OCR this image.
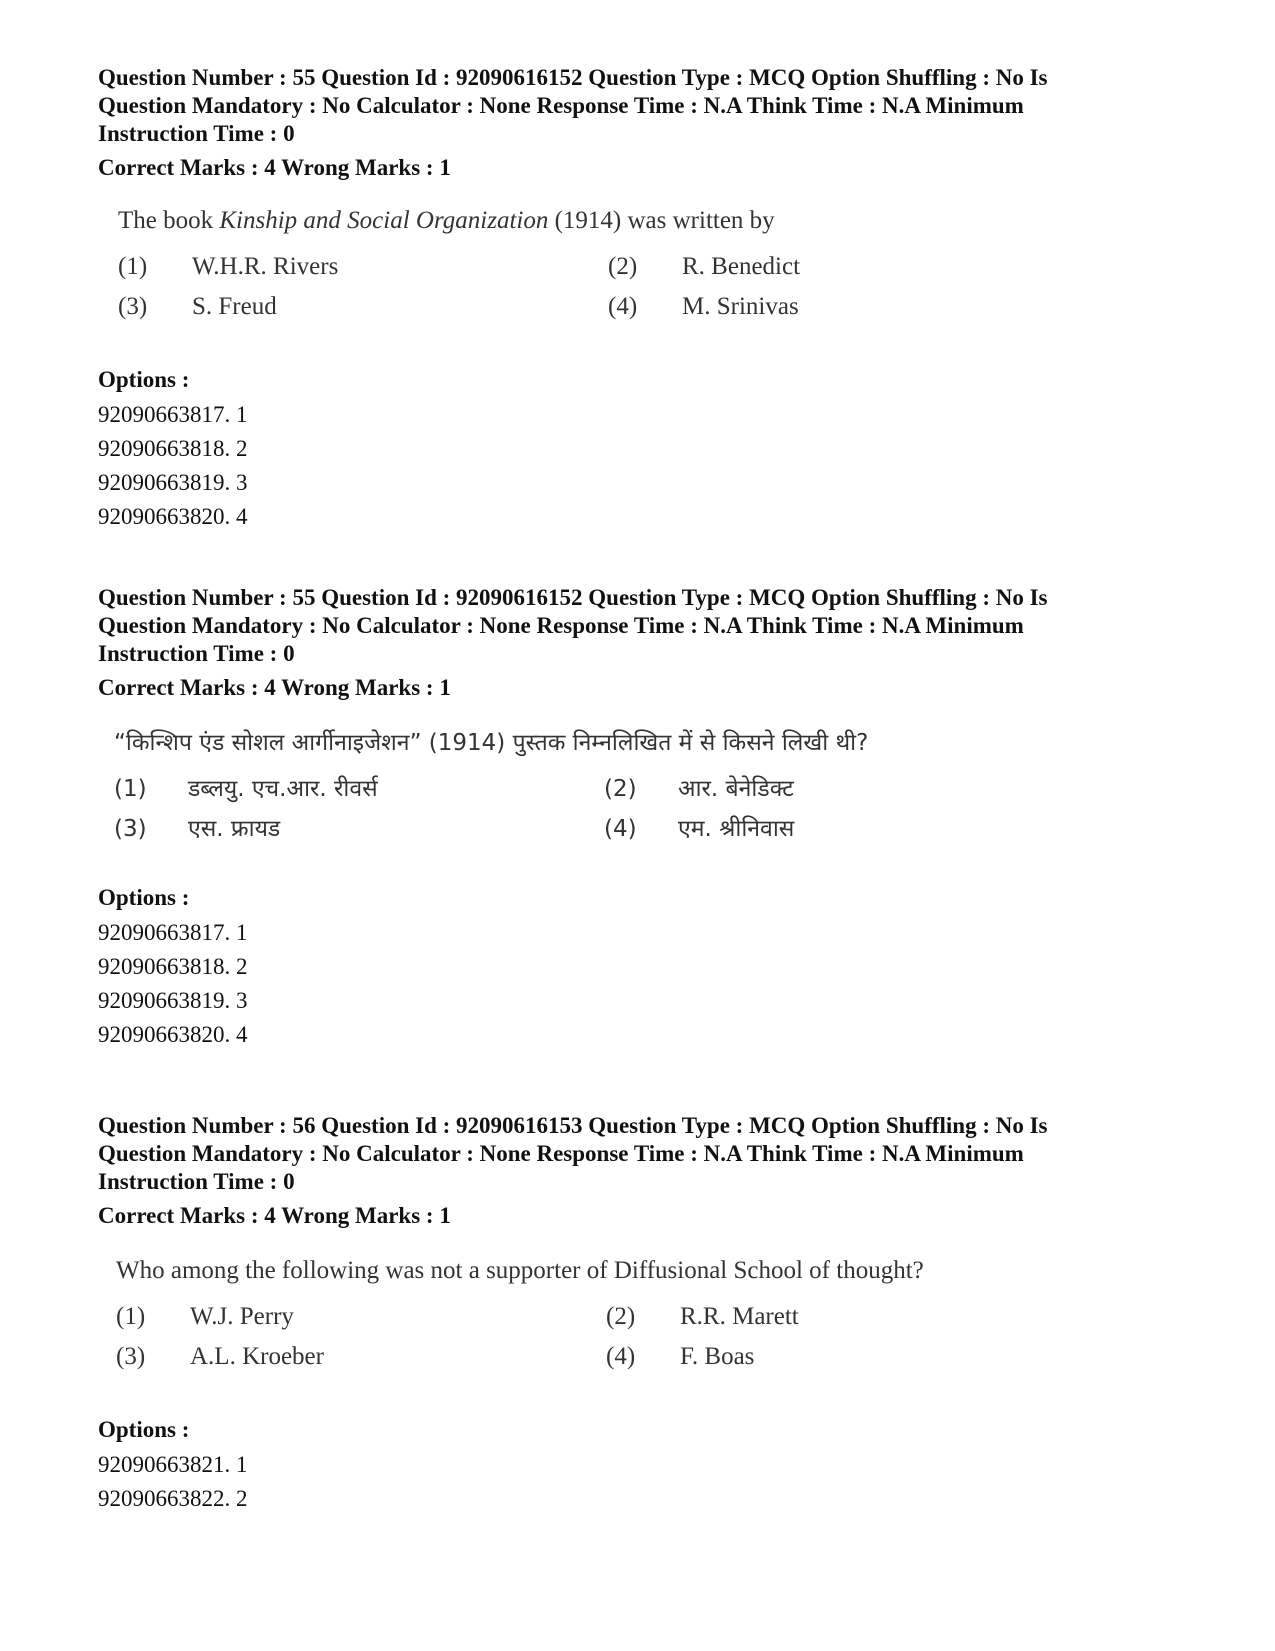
Question Number : 55 Question Id : 92090616152 Question Type : MCQ Option Shuffling : No Is
Question Mandatory : No Calculator : None Response Time : N.A Think Time : N.A Minimum
Instruction Time : 0

Correct Marks : 4 Wrong Marks : 1

The book Kinship and Social Organization (1914) was written by

(1)	W.H.R. Rivers	(2)	R. Benedict
(3)	S. Freud	(4)	M. Srinivas

Options :

92090663817. 1
92090663818. 2
92090663819. 3
92090663820. 4

Question Number : 55 Question Id : 92090616152 Question Type : MCQ Option Shuffling : No Is
Question Mandatory : No Calculator : None Response Time : N.A Think Time : N.A Minimum
Instruction Time : 0

Correct Marks : 4 Wrong Marks : 1

“किन्शिप एंड सोशल आर्गीनाइजेशन” (1914) पुस्तक निम्नलिखित में से किसने लिखी थी?

(1)	डब्लयु. एच.आर. रीवर्स	(2)	आर. बेनेडिक्ट
(3)	एस. फ्रायड	(4)	एम. श्रीनिवास

Options :

92090663817. 1
92090663818. 2
92090663819. 3
92090663820. 4

Question Number : 56 Question Id : 92090616153 Question Type : MCQ Option Shuffling : No Is
Question Mandatory : No Calculator : None Response Time : N.A Think Time : N.A Minimum
Instruction Time : 0

Correct Marks : 4 Wrong Marks : 1

Who among the following was not a supporter of Diffusional School of thought?

(1)	W.J. Perry	(2)	R.R. Marett
(3)	A.L. Kroeber	(4)	F. Boas

Options :

92090663821. 1
92090663822. 2
